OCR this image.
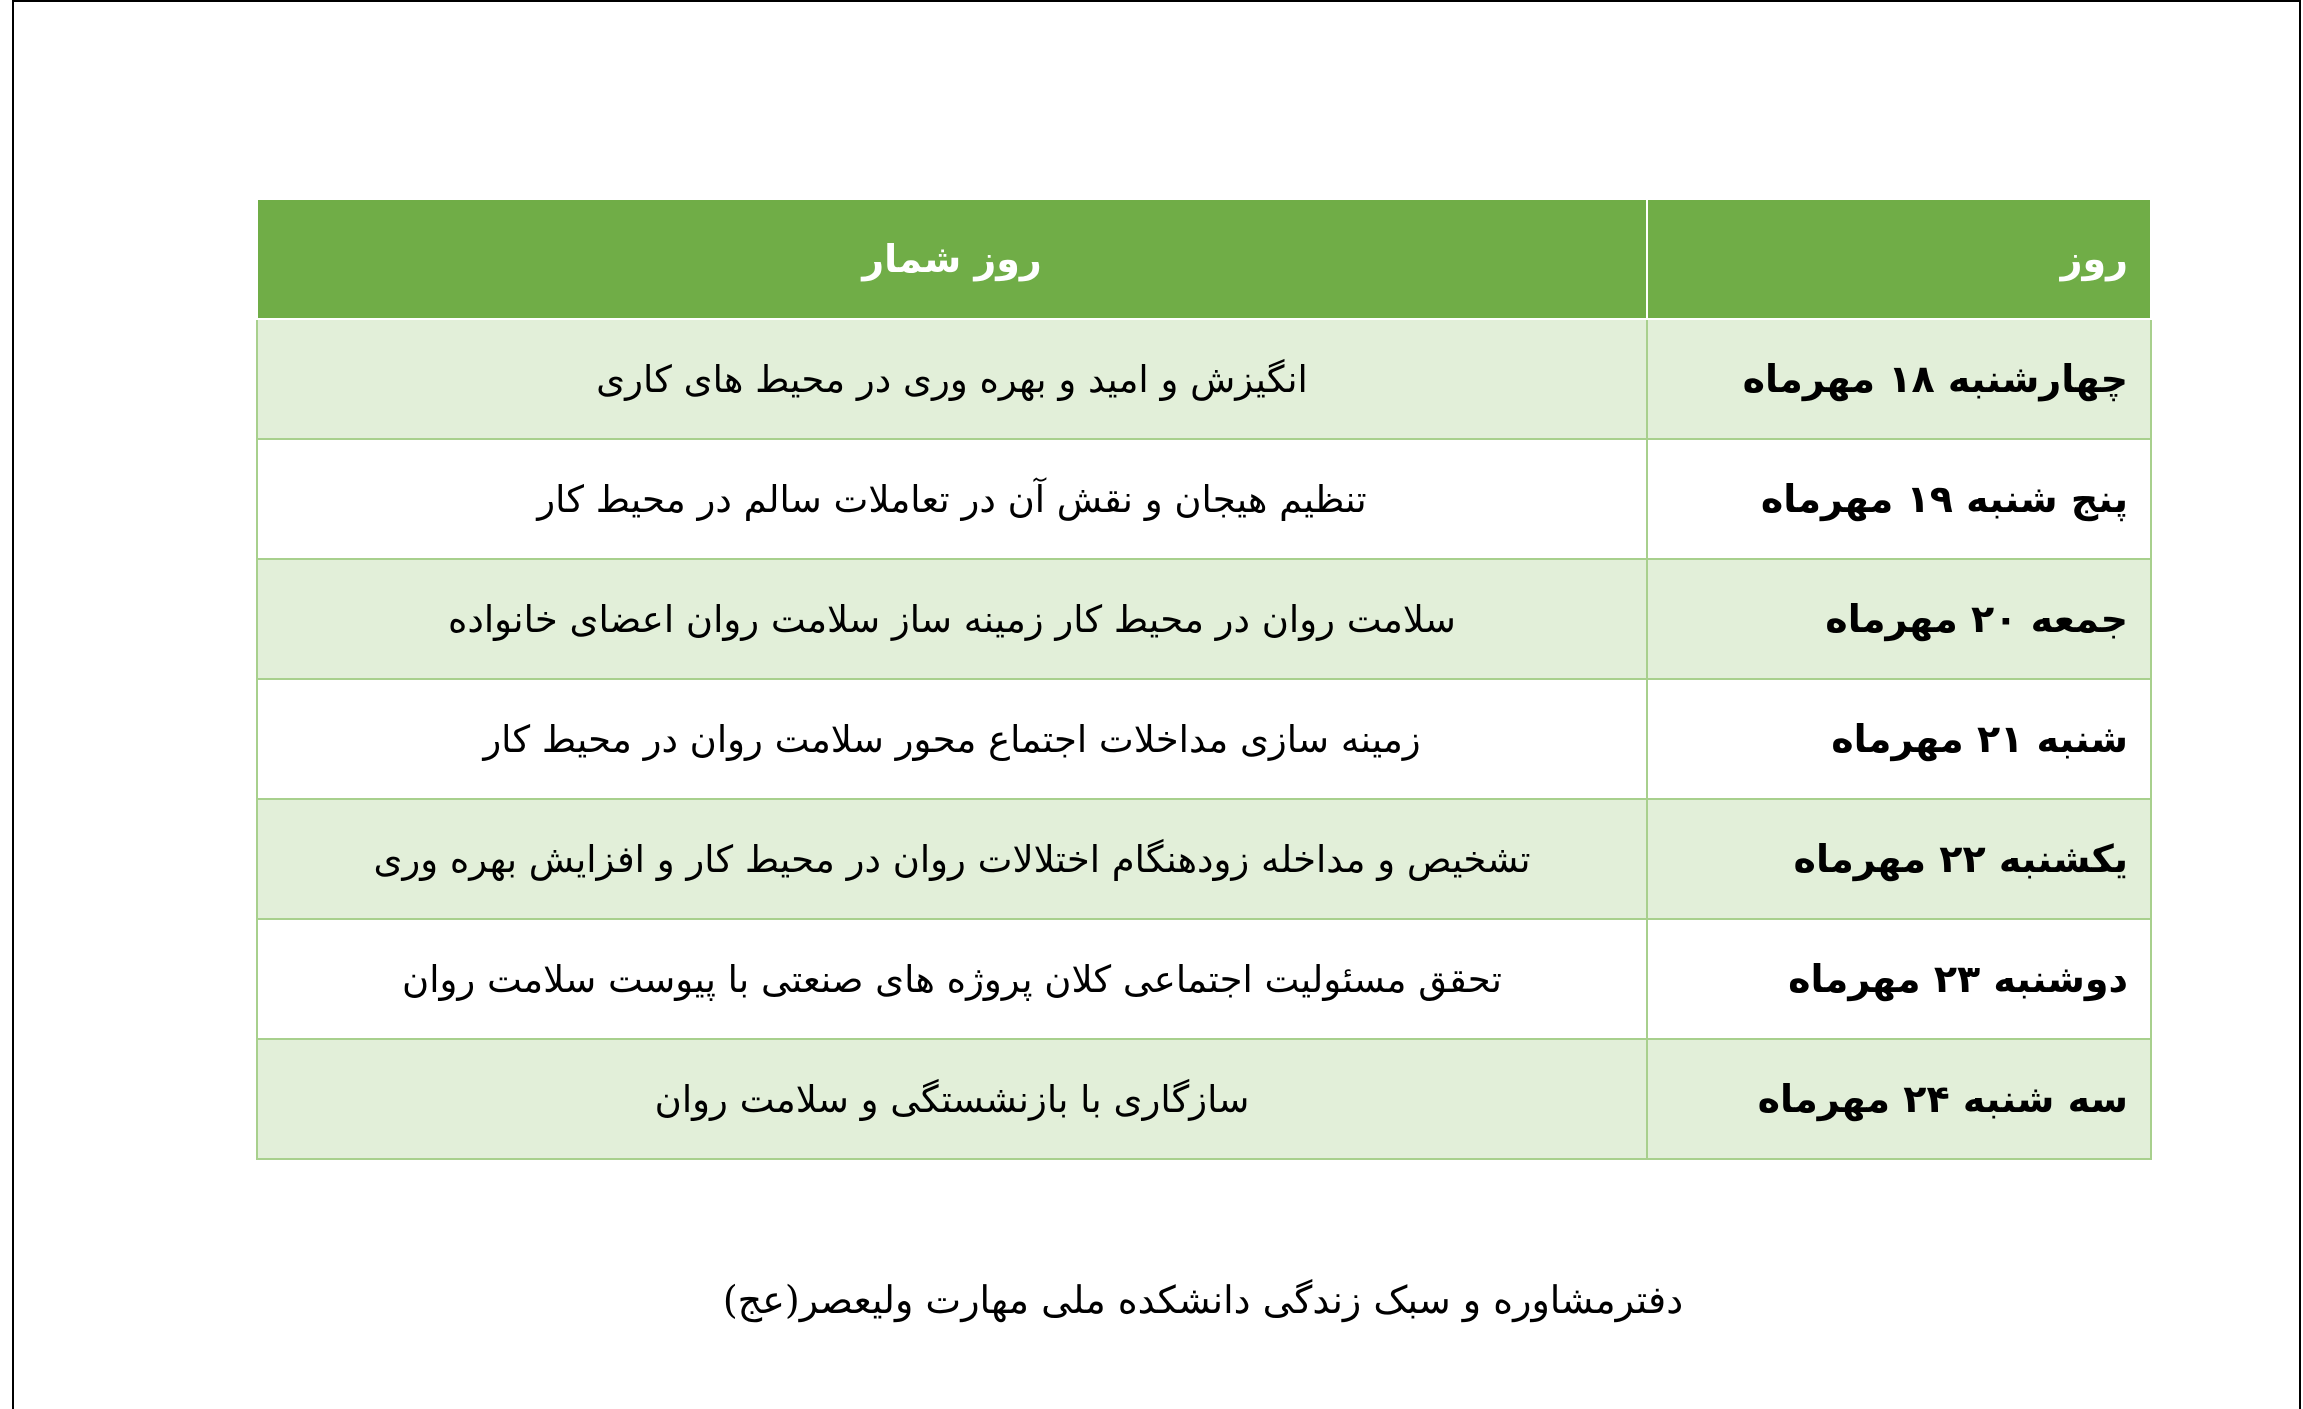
روز	روز شمار
چهارشنبه ۱۸ مهرماه	انگیزش و امید و بهره وری در محیط های کاری
پنج شنبه ۱۹ مهرماه	تنظیم هیجان و نقش آن در تعاملات سالم در محیط کار
جمعه ۲۰ مهرماه	سلامت روان در محیط کار زمینه ساز سلامت روان اعضای خانواده
شنبه ۲۱ مهرماه	زمینه سازی مداخلات اجتماع محور سلامت روان در محیط کار
یکشنبه ۲۲ مهرماه	تشخیص و مداخله زودهنگام اختلالات روان در محیط کار و افزایش بهره وری
دوشنبه ۲۳ مهرماه	تحقق مسئولیت اجتماعی کلان پروژه های صنعتی با پیوست سلامت روان
سه شنبه ۲۴ مهرماه	سازگاری با بازنشستگی و سلامت روان
دفترمشاوره و سبک زندگی دانشکده ملی مهارت ولیعصر(عج)
